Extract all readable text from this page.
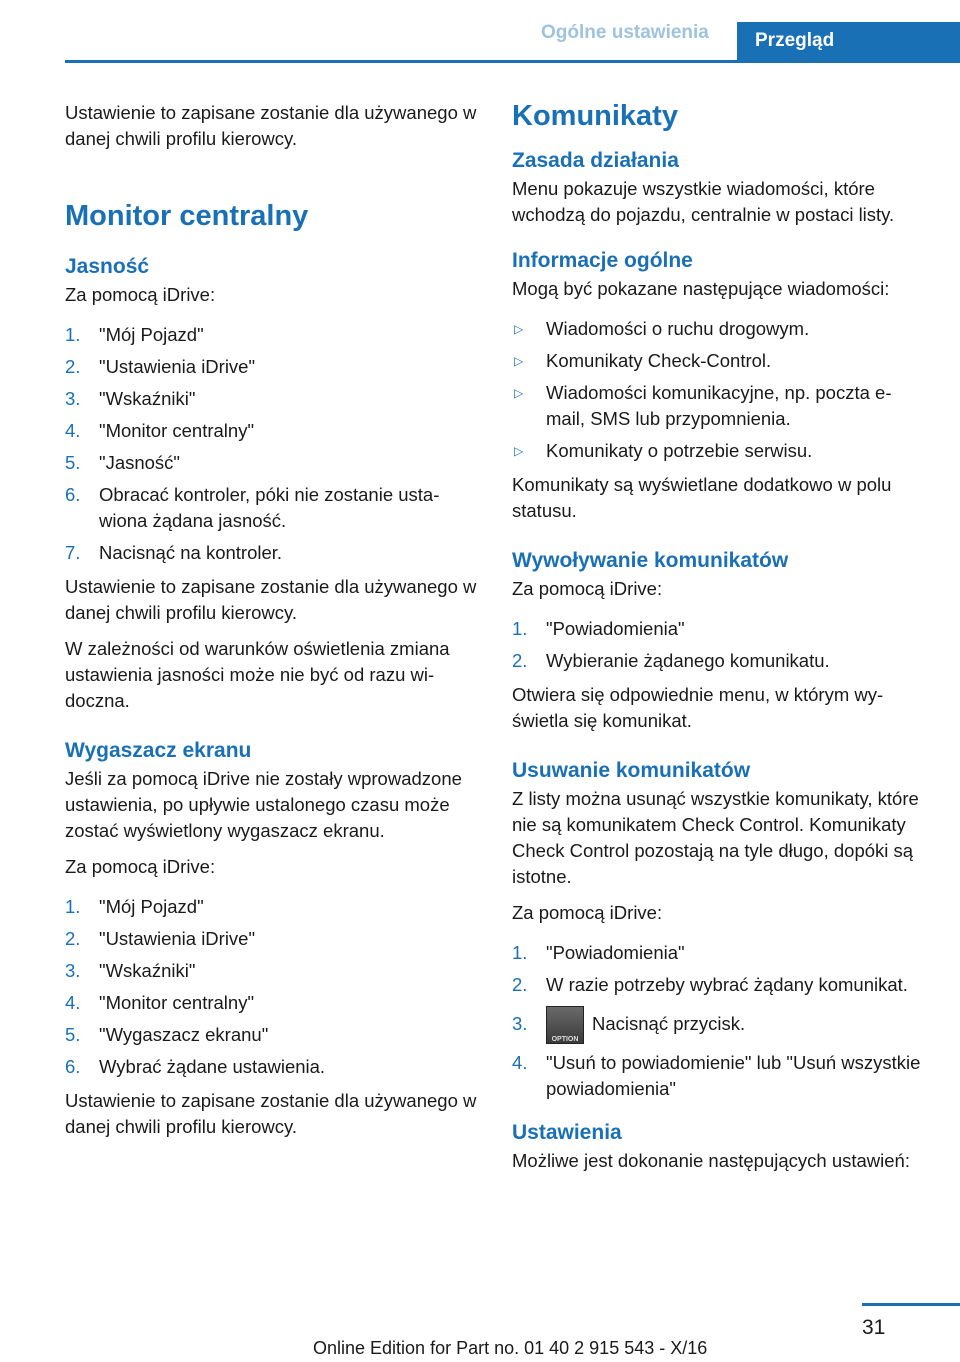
Ogólne ustawienia	Przegląd

Ustawienie to zapisane zostanie dla używanego w danej chwili profilu kierowcy.

Monitor centralny
Jasność

Za pomocą iDrive:

1. "Mój Pojazd"
2. "Ustawienia iDrive"
3. "Wskaźniki"
4. "Monitor centralny"
5. "Jasność"
6. Obracać kontroler, póki nie zostanie ustawiona żądana jasność.
7. Nacisnąć na kontroler.

Ustawienie to zapisane zostanie dla używanego w danej chwili profilu kierowcy.

W zależności od warunków oświetlenia zmiana ustawienia jasności może nie być od razu widoczna.

Wygaszacz ekranu

Jeśli za pomocą iDrive nie zostały wprowadzone ustawienia, po upływie ustalonego czasu może zostać wyświetlony wygaszacz ekranu.

Za pomocą iDrive:

1. "Mój Pojazd"
2. "Ustawienia iDrive"
3. "Wskaźniki"
4. "Monitor centralny"
5. "Wygaszacz ekranu"
6. Wybrać żądane ustawienia.

Ustawienie to zapisane zostanie dla używanego w danej chwili profilu kierowcy.

Komunikaty
Zasada działania

Menu pokazuje wszystkie wiadomości, które wchodzą do pojazdu, centralnie w postaci listy.

Informacje ogólne

Mogą być pokazane następujące wiadomości:

▷ Wiadomości o ruchu drogowym.
▷ Komunikaty Check-Control.
▷ Wiadomości komunikacyjne, np. poczta e-mail, SMS lub przypomnienia.
▷ Komunikaty o potrzebie serwisu.

Komunikaty są wyświetlane dodatkowo w polu statusu.

Wywoływanie komunikatów

Za pomocą iDrive:

1. "Powiadomienia"
2. Wybieranie żądanego komunikatu.

Otwiera się odpowiednie menu, w którym wyświetla się komunikat.

Usuwanie komunikatów

Z listy można usunąć wszystkie komunikaty, które nie są komunikatem Check Control. Komunikaty Check Control pozostają na tyle długo, dopóki są istotne.

Za pomocą iDrive:

1. "Powiadomienia"
2. W razie potrzeby wybrać żądany komunikat.
3.
OPTION
Nacisnąć przycisk.
4. "Usuń to powiadomienie" lub "Usuń wszystkie powiadomienia"
Ustawienia

Możliwe jest dokonanie następujących ustawień:

31
Online Edition for Part no. 01 40 2 915 543 - X/16
